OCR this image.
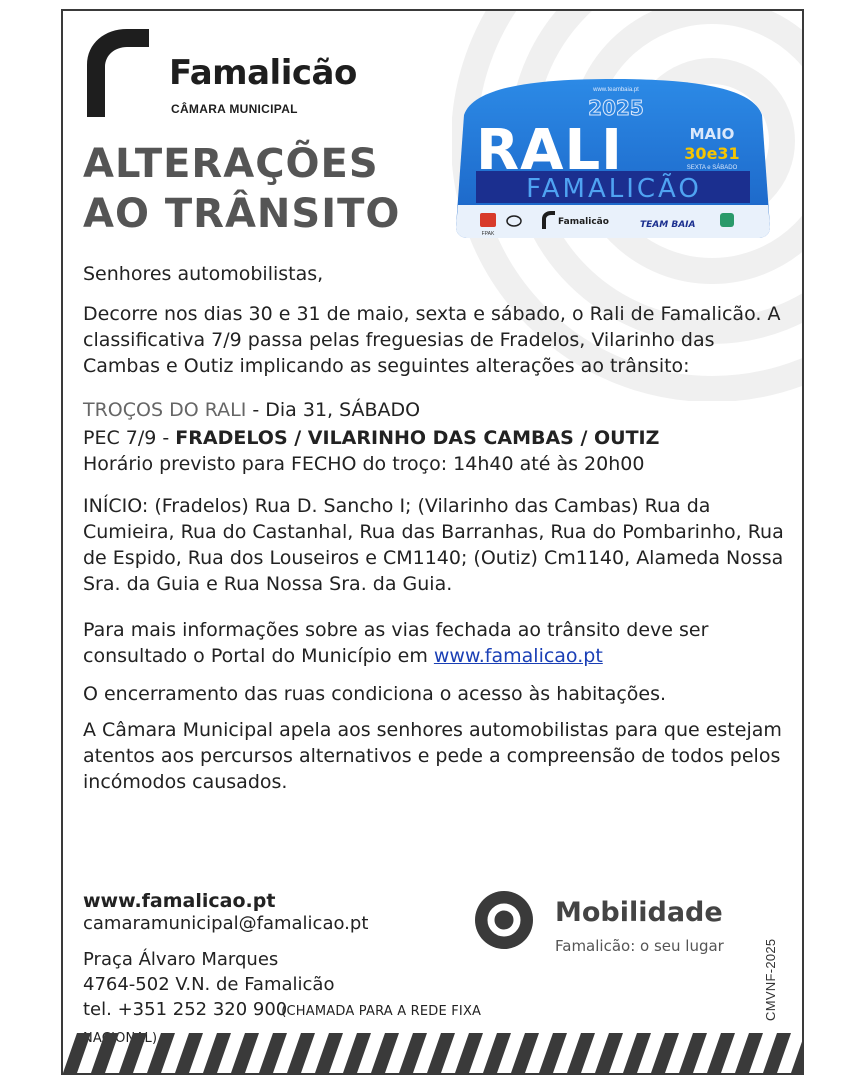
Famalicão
CÂMARA MUNICIPAL
ALTERAÇÕES
AO TRÂNSITO
www.teambaia.pt
2025
RALI	MAIO
30e31
SEXTA e SÁBADO
FAMALICÃO
FPAK
Famalicão	TEAM BAIA

Senhores automobilistas,

Decorre nos dias 30 e 31 de maio, sexta e sábado, o Rali de Famalicão. A classificativa 7/9 passa pelas freguesias de Fradelos, Vilarinho das Cambas e Outiz implicando as seguintes alterações ao trânsito:

TROÇOS DO RALI - Dia 31, SÁBADO

PEC 7/9 - FRADELOS / VILARINHO DAS CAMBAS / OUTIZ

Horário previsto para FECHO do troço: 14h40 até às 20h00

INÍCIO: (Fradelos) Rua D. Sancho I; (Vilarinho das Cambas) Rua da Cumieira, Rua do Castanhal, Rua das Barranhas, Rua do Pombarinho, Rua de Espido, Rua dos Louseiros e CM1140; (Outiz) Cm1140, Alameda Nossa Sra. da Guia e Rua Nossa Sra. da Guia.

Para mais informações sobre as vias fechada ao trânsito deve ser consultado o Portal do Município em www.famalicao.pt

O encerramento das ruas condiciona o acesso às habitações.

A Câmara Municipal apela aos senhores automobilistas para que estejam atentos aos percursos alternativos e pede a compreensão de todos pelos incómodos causados.

www.famalicao.pt
camaramunicipal@famalicao.pt
Praça Álvaro Marques
4764-502 V.N. de Famalicão
tel. +351 252 320 900(CHAMADA PARA A REDE FIXA
Mobilidade
Famalicão: o seu lugar	CMVNF-2025
